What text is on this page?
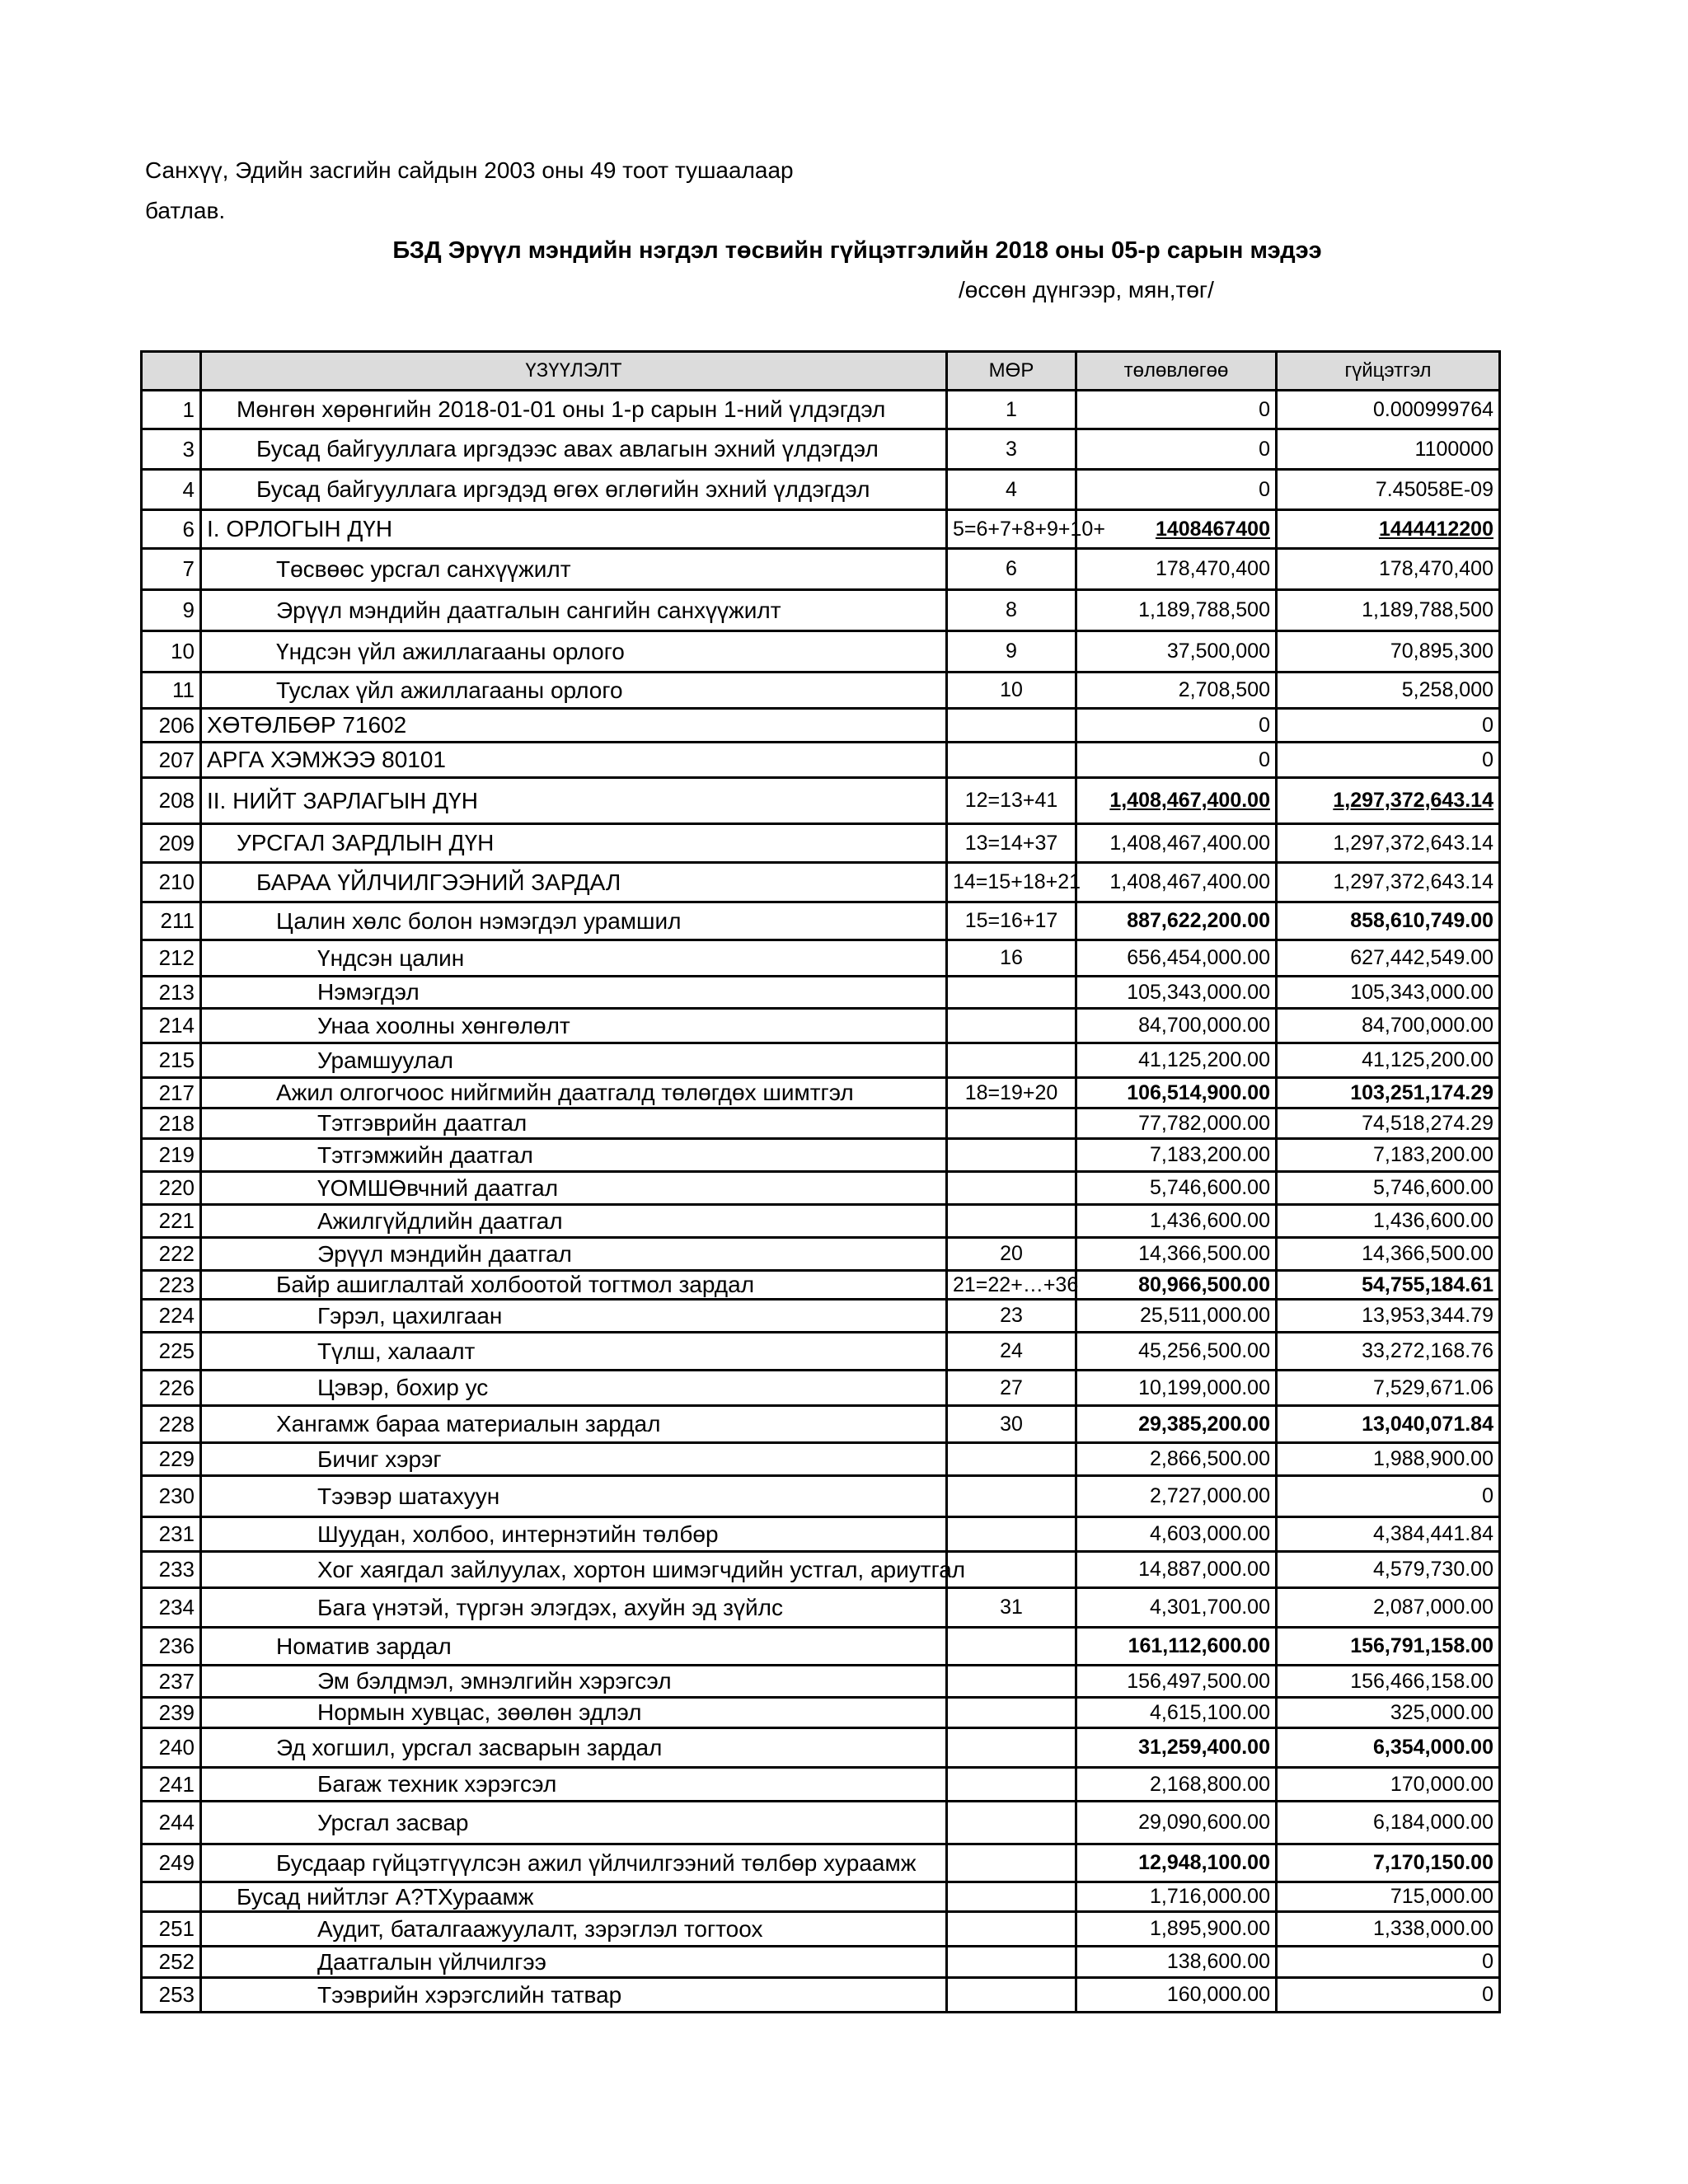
Санхүү, Эдийн засгийн сайдын 2003 оны 49 тоот тушаалаар
батлав.
БЗД Эрүүл мэндийн нэгдэл төсвийн гүйцэтгэлийн 2018 оны 05-р сарын мэдээ
/өссөн дүнгээр, мян,төг/
	ҮЗҮҮЛЭЛТ	МӨР	төлөвлөгөө	гүйцэтгэл
1	Мөнгөн хөрөнгийн 2018-01-01 оны 1-р сарын 1-ний үлдэгдэл	1	0	0.000999764
3	Бусад байгууллага иргэдээс авах авлагын эхний үлдэгдэл	3	0	1100000
4	Бусад байгууллага иргэдэд өгөх өглөгийн эхний үлдэгдэл	4	0	7.45058E-09
6	I. ОРЛОГЫН ДҮН	5=6+7+8+9+10+	1408467400	1444412200
7	Төсвөөс урсгал санхүүжилт	6	178,470,400	178,470,400
9	Эрүүл мэндийн даатгалын сангийн санхүүжилт	8	1,189,788,500	1,189,788,500
10	Үндсэн үйл ажиллагааны орлого	9	37,500,000	70,895,300
11	Туслах үйл ажиллагааны орлого	10	2,708,500	5,258,000
206	ХӨТӨЛБӨР 71602		0	0
207	АРГА ХЭМЖЭЭ 80101		0	0
208	II. НИЙТ ЗАРЛАГЫН ДҮН	12=13+41	1,408,467,400.00	1,297,372,643.14
209	УРСГАЛ ЗАРДЛЫН ДҮН	13=14+37	1,408,467,400.00	1,297,372,643.14
210	БАРАА ҮЙЛЧИЛГЭЭНИЙ ЗАРДАЛ	14=15+18+21	1,408,467,400.00	1,297,372,643.14
211	Цалин хөлс болон нэмэгдэл урамшил	15=16+17	887,622,200.00	858,610,749.00
212	Үндсэн цалин	16	656,454,000.00	627,442,549.00
213	Нэмэгдэл		105,343,000.00	105,343,000.00
214	Унаа хоолны хөнгөлөлт		84,700,000.00	84,700,000.00
215	Урамшуулал		41,125,200.00	41,125,200.00
217	Ажил олгогчоос нийгмийн даатгалд төлөгдөх шимтгэл	18=19+20	106,514,900.00	103,251,174.29
218	Тэтгэврийн даатгал		77,782,000.00	74,518,274.29
219	Тэтгэмжийн даатгал		7,183,200.00	7,183,200.00
220	ҮОМШӨвчний даатгал		5,746,600.00	5,746,600.00
221	Ажилгүйдлийн даатгал		1,436,600.00	1,436,600.00
222	Эрүүл мэндийн даатгал	20	14,366,500.00	14,366,500.00
223	Байр ашиглалтай холбоотой тогтмол зардал	21=22+…+36	80,966,500.00	54,755,184.61
224	Гэрэл, цахилгаан	23	25,511,000.00	13,953,344.79
225	Түлш, халаалт	24	45,256,500.00	33,272,168.76
226	Цэвэр, бохир ус	27	10,199,000.00	7,529,671.06
228	Хангамж бараа материалын зардал	30	29,385,200.00	13,040,071.84
229	Бичиг хэрэг		2,866,500.00	1,988,900.00
230	Тээвэр шатахуун		2,727,000.00	0
231	Шуудан, холбоо, интернэтийн төлбөр		4,603,000.00	4,384,441.84
233	Хог хаягдал зайлуулах, хортон шимэгчдийн устгал, ариутгал		14,887,000.00	4,579,730.00
234	Бага үнэтэй, түргэн элэгдэх, ахуйн эд зүйлс	31	4,301,700.00	2,087,000.00
236	Номатив зардал		161,112,600.00	156,791,158.00
237	Эм бэлдмэл, эмнэлгийн хэрэгсэл		156,497,500.00	156,466,158.00
239	Нормын хувцас, зөөлөн эдлэл		4,615,100.00	325,000.00
240	Эд хогшил, урсгал засварын зардал		31,259,400.00	6,354,000.00
241	Багаж техник хэрэгсэл		2,168,800.00	170,000.00
244	Урсгал засвар		29,090,600.00	6,184,000.00
249	Бусдаар гүйцэтгүүлсэн ажил үйлчилгээний төлбөр хураамж		12,948,100.00	7,170,150.00
	Бусад нийтлэг А?ТХураамж		1,716,000.00	715,000.00
251	Аудит, баталгаажуулалт, зэрэглэл тогтоох		1,895,900.00	1,338,000.00
252	Даатгалын үйлчилгээ		138,600.00	0
253	Тээврийн хэрэгслийн татвар		160,000.00	0
